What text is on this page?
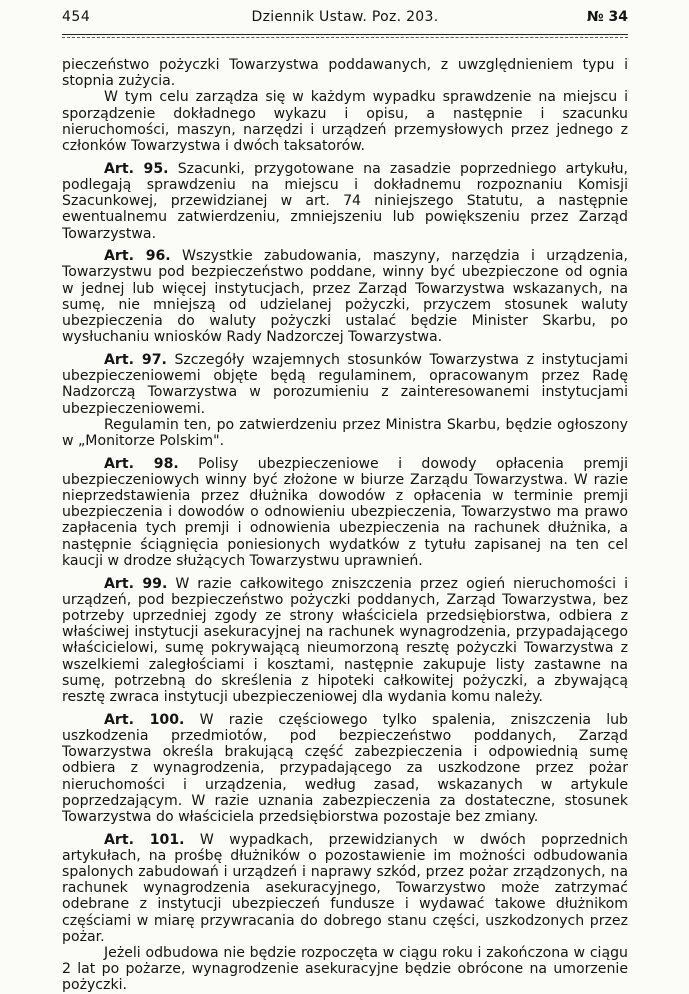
454	Dziennik Ustaw. Poz. 203.	№ 34

pieczeństwo pożyczki Towarzystwa poddawanych, z uwzględnieniem typu i stopnia zużycia.

W tym celu zarządza się w każdym wypadku sprawdzenie na miejscu i sporządzenie dokładnego wykazu i opisu, a następnie i szacunku nieruchomości, maszyn, narzędzi i urządzeń przemysłowych przez jednego z członków Towarzystwa i dwóch taksatorów.

Art. 95. Szacunki, przygotowane na zasadzie poprzedniego artykułu, podlegają sprawdzeniu na miejscu i dokładnemu rozpoznaniu Komisji Szacunkowej, przewidzianej w art. 74 niniejszego Statutu, a następnie ewentualnemu zatwierdzeniu, zmniejszeniu lub powiększeniu przez Zarząd Towarzystwa.

Art. 96. Wszystkie zabudowania, maszyny, narzędzia i urządzenia, Towarzystwu pod bezpieczeństwo poddane, winny być ubezpieczone od ognia w jednej lub więcej instytucjach, przez Zarząd Towarzystwa wskazanych, na sumę, nie mniejszą od udzielanej pożyczki, przyczem stosunek waluty ubezpieczenia do waluty pożyczki ustalać będzie Minister Skarbu, po wysłuchaniu wniosków Rady Nadzorczej Towarzystwa.

Art. 97. Szczegóły wzajemnych stosunków Towarzystwa z instytucjami ubezpieczeniowemi objęte będą regulaminem, opracowanym przez Radę Nadzorczą Towarzystwa w porozumieniu z zainteresowanemi instytucjami ubezpieczeniowemi.

Regulamin ten, po zatwierdzeniu przez Ministra Skarbu, będzie ogłoszony w „Monitorze Polskim".

Art. 98. Polisy ubezpieczeniowe i dowody opłacenia premji ubezpieczeniowych winny być złożone w biurze Zarządu Towarzystwa. W razie nieprzedstawienia przez dłużnika dowodów z opłacenia w terminie premji ubezpieczenia i dowodów o odnowieniu ubezpieczenia, Towarzystwo ma prawo zapłacenia tych premji i odnowienia ubezpieczenia na rachunek dłużnika, a następnie ściągnięcia poniesionych wydatków z tytułu zapisanej na ten cel kaucji w drodze służących Towarzystwu uprawnień.

Art. 99. W razie całkowitego zniszczenia przez ogień nieruchomości i urządzeń, pod bezpieczeństwo pożyczki poddanych, Zarząd Towarzystwa, bez potrzeby uprzedniej zgody ze strony właściciela przedsiębiorstwa, odbiera z właściwej instytucji asekuracyjnej na rachunek wynagrodzenia, przypadającego właścicielowi, sumę pokrywającą nieumorzoną resztę pożyczki Towarzystwa z wszelkiemi zaległościami i kosztami, następnie zakupuje listy zastawne na sumę, potrzebną do skreślenia z hipoteki całkowitej pożyczki, a zbywającą resztę zwraca instytucji ubezpieczeniowej dla wydania komu należy.

Art. 100. W razie częściowego tylko spalenia, zniszczenia lub uszkodzenia przedmiotów, pod bezpieczeństwo poddanych, Zarząd Towarzystwa określa brakującą część zabezpieczenia i odpowiednią sumę odbiera z wynagrodzenia, przypadającego za uszkodzone przez pożar nieruchomości i urządzenia, według zasad, wskazanych w artykule poprzedzającym. W razie uznania zabezpieczenia za dostateczne, stosunek Towarzystwa do właściciela przedsiębiorstwa pozostaje bez zmiany.

Art. 101. W wypadkach, przewidzianych w dwóch poprzednich artykułach, na prośbę dłużników o pozostawienie im możności odbudowania spalonych zabudowań i urządzeń i naprawy szkód, przez pożar zrządzonych, na rachunek wynagrodzenia asekuracyjnego, Towarzystwo może zatrzymać odebrane z instytucji ubezpieczeń fundusze i wydawać takowe dłużnikom częściami w miarę przywracania do dobrego stanu części, uszkodzonych przez pożar.

Jeżeli odbudowa nie będzie rozpoczęta w ciągu roku i zakończona w ciągu 2 lat po pożarze, wynagrodzenie asekuracyjne będzie obrócone na umorzenie pożyczki.
